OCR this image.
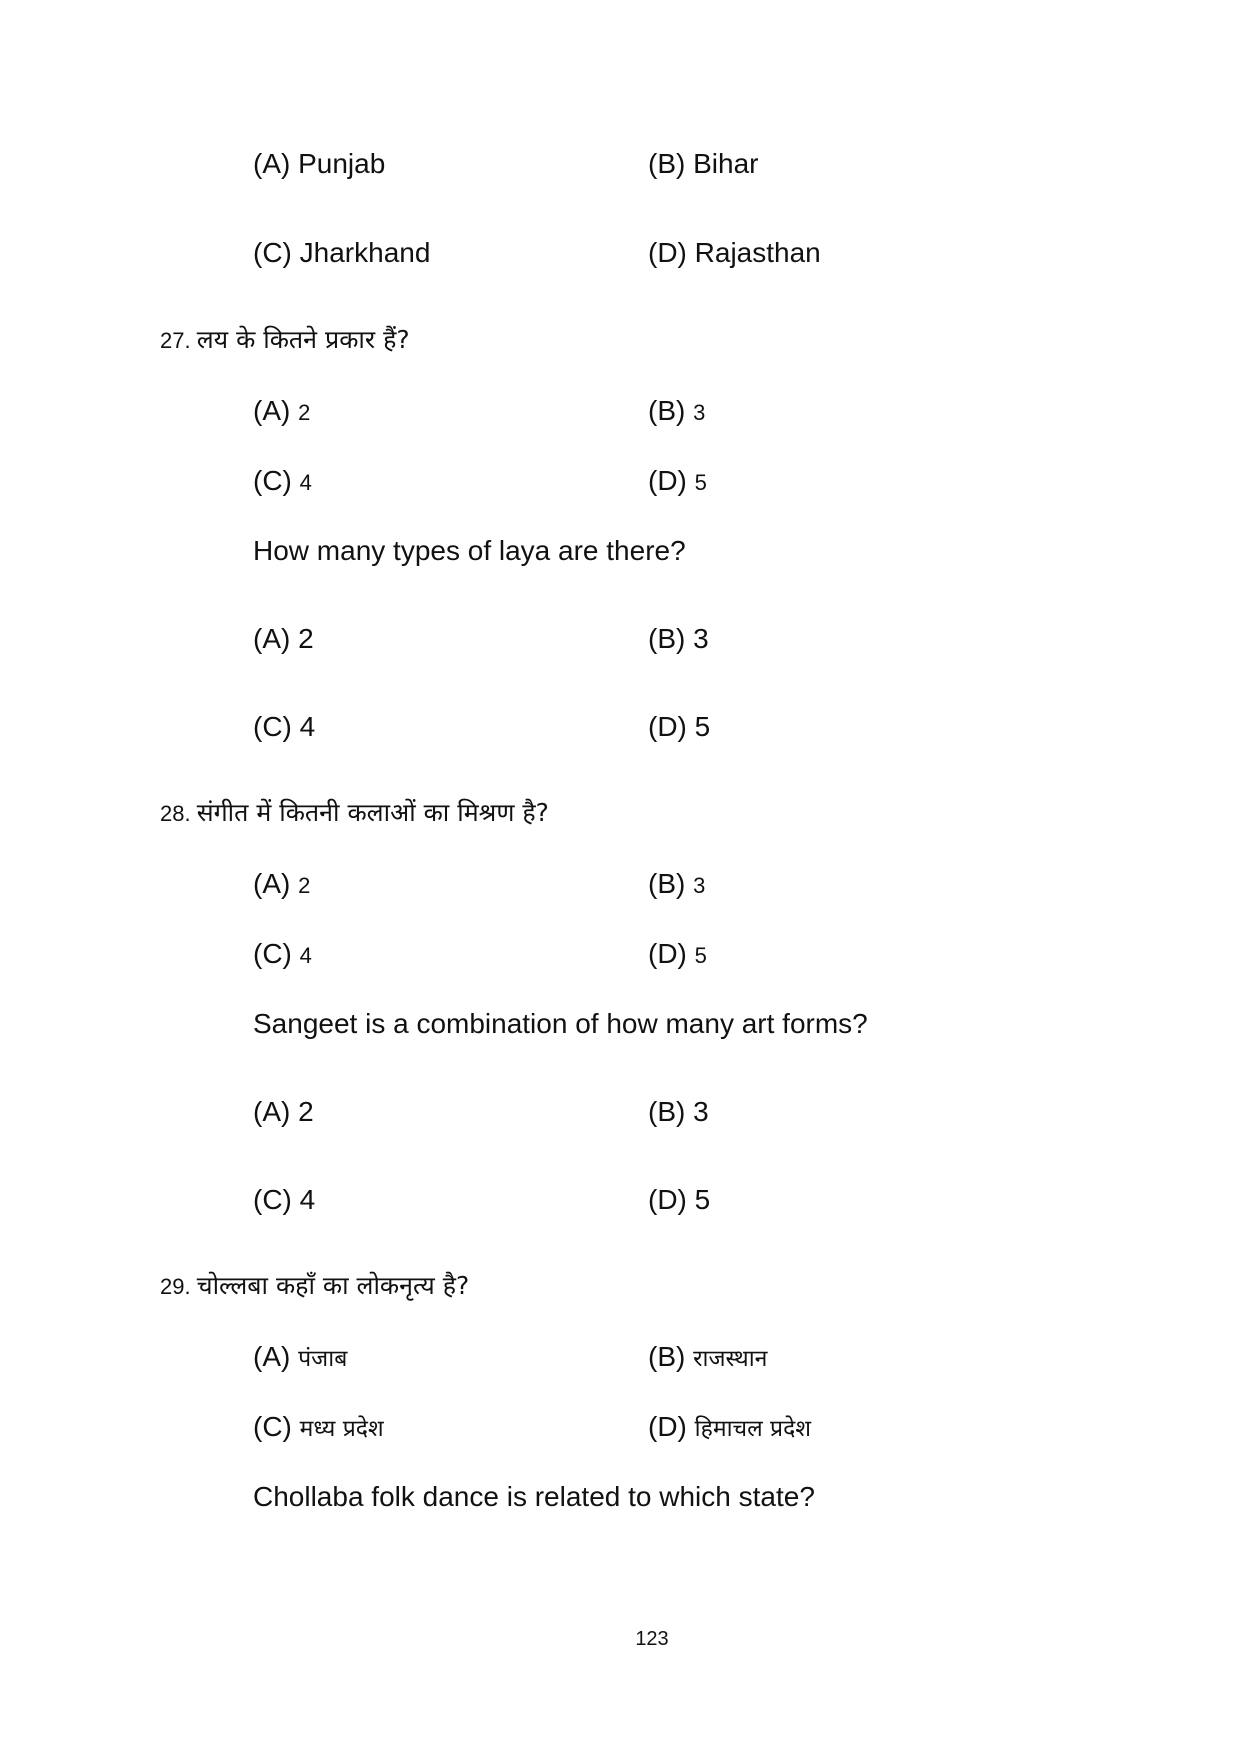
(A) Punjab	(B) Bihar
(C) Jharkhand	(D) Rajasthan
27. लय के कितने प्रकार हैं?
(A) 2	(B) 3
(C) 4	(D) 5
How many types of laya are there?
(A) 2	(B) 3
(C) 4	(D) 5
28. संगीत में कितनी कलाओं का मिश्रण है?
(A) 2	(B) 3
(C) 4	(D) 5
Sangeet is a combination of how many art forms?
(A) 2	(B) 3
(C) 4	(D) 5
29. चोल्लबा कहाँ का लोकनृत्य है?
(A) पंजाब	(B) राजस्थान
(C) मध्य प्रदेश	(D) हिमाचल प्रदेश
Chollaba folk dance is related to which state?
123
